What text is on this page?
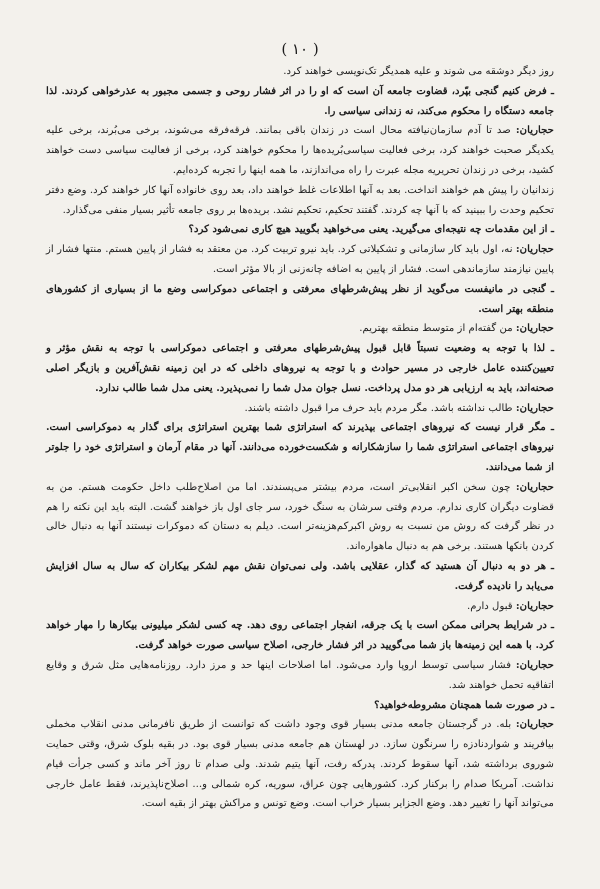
( ۱۰ )

روز دیگر دوشقه می شوند و علیه همدیگر تک‌نویسی خواهند کرد.

ـ فرض کنیم گنجی بپّرد، قضاوت جامعه آن است که او را در اثر فشار روحی و جسمی مجبور به عذرخواهی کردند. لذا جامعه دستگاه را محکوم می‌کند، نه زندانی سیاسی را.

حجاریان: صد تا آدم سازمان‌نیافته محال است در زندان باقی بمانند. فرقه‌فرقه می‌شوند، برخی می‌بُرند، برخی علیه یکدیگر صحبت خواهند کرد، برخی فعالیت سیاسی‌بُریده‌ها را محکوم خواهند کرد، برخی از فعالیت سیاسی دست خواهند کشید، برخی در زندان تحریریه مجله عبرت را راه می‌اندازند، ما همه اینها را تجربه کرده‌ایم.

زندانیان را پیش هم خواهند انداخت. بعد به آنها اطلاعات غلط خواهند داد، بعد روی خانواده آنها کار خواهند کرد. وضع دفتر تحکیم وحدت را ببینید که با آنها چه کردند. گفتند تحکیم، تحکیم نشد. بریده‌ها بر روی جامعه تأثیر بسیار منفی می‌گذارد.

ـ از این مقدمات چه نتیجه‌ای می‌گیرید. یعنی می‌خواهید بگویید هیچ کاری نمی‌شود کرد؟

حجاریان: نه، اول باید کار سازمانی و تشکیلاتی کرد. باید نیرو تربیت کرد. من معتقد به فشار از پایین هستم. منتها فشار از پایین نیازمند سازماندهی است. فشار از پایین به اضافه چانه‌زنی از بالا مؤثر است.

ـ گنجی در مانیفست می‌گوید از نظر پیش‌شرطهای معرفتی و اجتماعی دموکراسی وضع ما از بسیاری از کشورهای منطقه بهتر است.

حجاریان: من گفته‌ام از متوسط منطقه بهتریم.

ـ لذا با توجه به وضعیت نسبتاً قابل قبول پیش‌شرطهای معرفتی و اجتماعی دموکراسی با توجه به نقش مؤثر و تعیین‌کننده عامل خارجی در مسیر حوادث و با توجه به نیروهای داخلی که در این زمینه نقش‌آفرین و بازیگر اصلی صحنه‌اند، باید به ارزیابی هر دو مدل پرداخت. نسل جوان مدل شما را نمی‌پذیرد. یعنی مدل شما طالب ندارد.

حجاریان: طالب نداشته باشد. مگر مردم باید حرف مرا قبول داشته باشند.

ـ مگر قرار نیست که نیروهای اجتماعی بپذیرند که استراتژی شما بهترین استراتژی برای گذار به دموکراسی است. نیروهای اجتماعی استراتژی شما را سازشکارانه و شکست‌خورده می‌دانند. آنها در مقام آرمان و استراتژی خود را جلوتر از شما می‌دانند.

حجاریان: چون سخن اکبر انقلابی‌تر است، مردم بیشتر می‌پسندند. اما من اصلاح‌طلب داخل حکومت هستم. من به قضاوت دیگران کاری ندارم. مردم وقتی سرشان به سنگ خورد، سر جای اول باز خواهند گشت. البته باید این نکته را هم در نظر گرفت که روش من نسبت به روش اکبرکم‌هزینه‌تر است. دیلم به دستان که دموکرات نیستند آنها به دنبال خالی کردن بانکها هستند. برخی هم به دنبال ماهواره‌اند.

ـ هر دو به دنبال آن هستید که گذار، عقلایی باشد. ولی نمی‌توان نقش مهم لشکر بیکاران که سال به سال افزایش می‌یابد را نادیده گرفت.

حجاریان: قبول دارم.

ـ در شرایط بحرانی ممکن است با یک جرقه، انفجار اجتماعی روی دهد. چه کسی لشکر میلیونی بیکارها را مهار خواهد کرد. با همه این زمینه‌ها باز شما می‌گویید در اثر فشار خارجی، اصلاح سیاسی صورت خواهد گرفت.

حجاریان: فشار سیاسی توسط اروپا وارد می‌شود. اما اصلاحات اینها حد و مرز دارد. روزنامه‌هایی مثل شرق و وقایع اتفاقیه تحمل خواهند شد.

ـ در صورت شما همچنان مشروطه‌خواهید؟

حجاریان: بله. در گرجستان جامعه مدنی بسیار قوی وجود داشت که توانست از طریق نافرمانی مدنی انقلاب مخملی بیافریند و شواردنادزه را سرنگون سازد. در لهستان هم جامعه مدنی بسیار قوی بود. در بقیه بلوک شرق، وقتی حمایت شوروی برداشته شد، آنها سقوط کردند. پدرکه رفت، آنها یتیم شدند. ولی صدام تا روز آخر ماند و کسی جرأت قیام نداشت. آمریکا صدام را برکنار کرد. کشورهایی چون عراق، سوریه، کره شمالی و... اصلاح‌ناپذیرند، فقط عامل خارجی می‌تواند آنها را تغییر دهد. وضع الجزایر بسیار خراب است. وضع تونس و مراکش بهتر از بقیه است.
